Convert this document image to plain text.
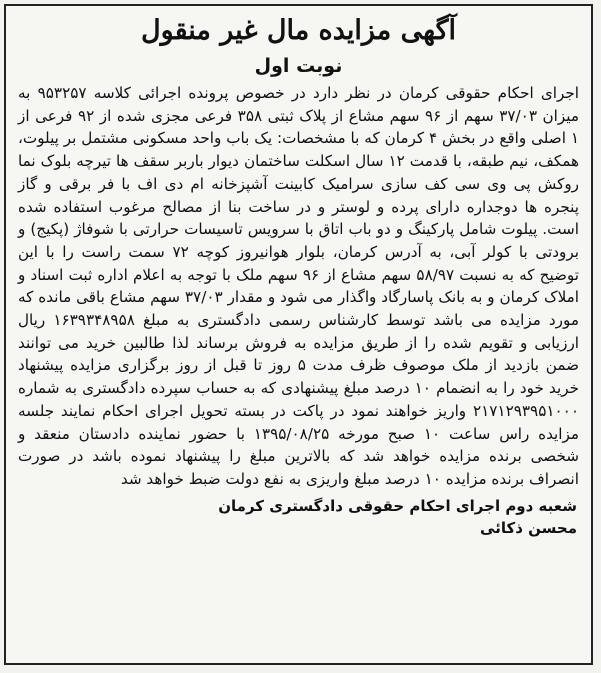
آگهی مزایده مال غیر منقول
نوبت اول

اجرای احکام حقوقی کرمان در نظر دارد در خصوص پرونده اجرائی کلاسه ۹۵۳۲۵۷ به میزان ۳۷/۰۳ سهم از ۹۶ سهم مشاع از پلاک ثبتی ۳۵۸ فرعی مجزی شده از ۹۲ فرعی از ۱ اصلی واقع در بخش ۴ کرمان که با مشخصات: یک باب واحد مسکونی مشتمل بر پیلوت، همکف، نیم طبقه، با قدمت ۱۲ سال اسکلت ساختمان دیوار باربر سقف ها تیرچه بلوک نما روکش پی وی سی کف سازی سرامیک کابینت آشپزخانه ام دی اف با فر برقی و گاز پنجره ها دوجداره دارای پرده و لوستر و در ساخت بنا از مصالح مرغوب استفاده شده است. پیلوت شامل پارکینگ و دو باب اتاق با سرویس تاسیسات حرارتی با شوفاژ (پکیج) و برودتی با کولر آبی، به آدرس کرمان، بلوار هوانیروز کوچه ۷۲ سمت راست را با این توضیح که به نسبت ۵۸/۹۷ سهم مشاع از ۹۶ سهم ملک با توجه به اعلام اداره ثبت اسناد و املاک کرمان و به بانک پاسارگاد واگذار می شود و مقدار ۳۷/۰۳ سهم مشاع باقی مانده که مورد مزایده می باشد توسط کارشناس رسمی دادگستری به مبلغ ۱۶۳۹۳۴۸۹۵۸ ریال ارزیابی و تقویم شده را از طریق مزایده به فروش برساند لذا طالبین خرید می توانند ضمن بازدید از ملک موصوف ظرف مدت ۵ روز تا قبل از روز برگزاری مزایده پیشنهاد خرید خود را به انضمام ۱۰ درصد مبلغ پیشنهادی که به حساب سپرده دادگستری به شماره ۲۱۷۱۲۹۳۹۵۱۰۰۰ واریز خواهند نمود در پاکت در بسته تحویل اجرای احکام نمایند جلسه مزایده راس ساعت ۱۰ صبح مورخه ۱۳۹۵/۰۸/۲۵ با حضور نماینده دادستان منعقد و شخصی برنده مزایده خواهد شد که بالاترین مبلغ را پیشنهاد نموده باشد در صورت انصراف برنده مزایده ۱۰ درصد مبلغ واریزی به نفع دولت ضبط خواهد شد

شعبه دوم اجرای احکام حقوقی دادگستری کرمان
محسن ذکائی
